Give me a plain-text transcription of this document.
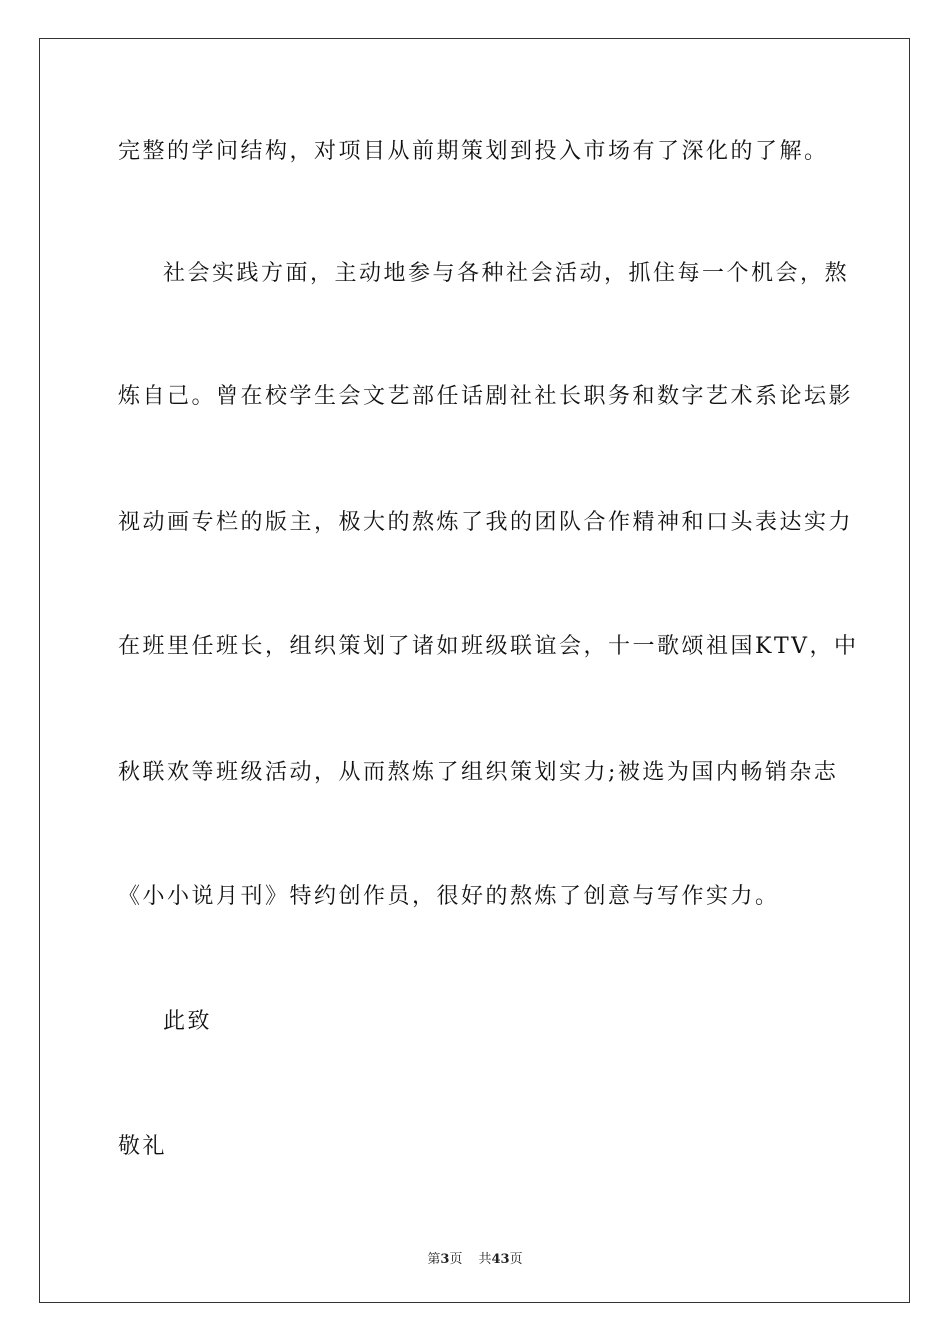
完整的学问结构，对项目从前期策划到投入市场有了深化的了解。
社会实践方面，主动地参与各种社会活动，抓住每一个机会，熬
炼自己。曾在校学生会文艺部任话剧社社长职务和数字艺术系论坛影
视动画专栏的版主，极大的熬炼了我的团队合作精神和口头表达实力
在班里任班长，组织策划了诸如班级联谊会，十一歌颂祖国KTV，中
秋联欢等班级活动，从而熬炼了组织策划实力;被选为国内畅销杂志
《小小说月刊》特约创作员，很好的熬炼了创意与写作实力。
此致
敬礼
第3页 共43页
